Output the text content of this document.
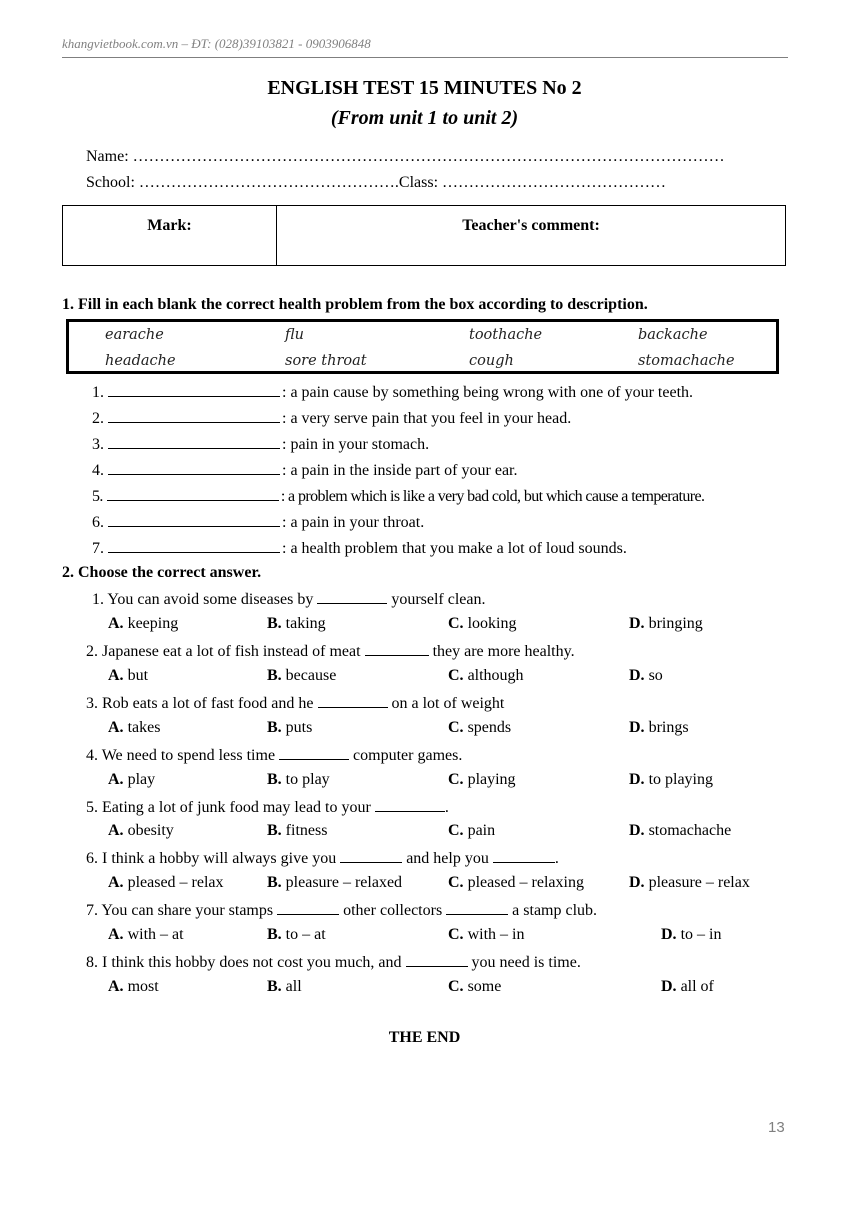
khangvietbook.com.vn – ĐT: (028)39103821 - 0903906848
ENGLISH TEST 15 MINUTES No 2
(From unit 1 to unit 2)
Name: …………………………………………………………………………………………………
School: ………………………………………….Class: ……………………………………
Mark:	Teacher's comment:
1. Fill in each blank the correct health problem from the box according to description.
earache	flu	toothache	backache
headache	sore throat	cough	stomachache
1.	: a pain cause by something being wrong with one of your teeth.
2.	: a very serve pain that you feel in your head.
3.	: pain in your stomach.
4.	: a pain in the inside part of your ear.
5.	: a problem which is like a very bad cold, but which cause a temperature.
6.	: a pain in your throat.
7.	: a health problem that you make a lot of loud sounds.
2. Choose the correct answer.
1. You can avoid some diseases by	yourself clean.
A. keeping	B. taking	C. looking	D. bringing
2. Japanese eat a lot of fish instead of meat	they are more healthy.
A. but	B. because	C. although	D. so
3. Rob eats a lot of fast food and he	on a lot of weight
A. takes	B. puts	C. spends	D. brings
4. We need to spend less time	computer games.
A. play	B. to play	C. playing	D. to playing
5. Eating a lot of junk food may lead to your	.
A. obesity	B. fitness	C. pain	D. stomachache
6. I think a hobby will always give you	and help you	.
A. pleased – relax	B. pleasure – relaxed	C. pleased – relaxing	D. pleasure – relax
7. You can share your stamps	other collectors	a stamp club.
A. with – at	B. to – at	C. with – in	D. to – in
8. I think this hobby does not cost you much, and	you need is time.
A. most	B. all	C. some	D. all of
THE END
13
